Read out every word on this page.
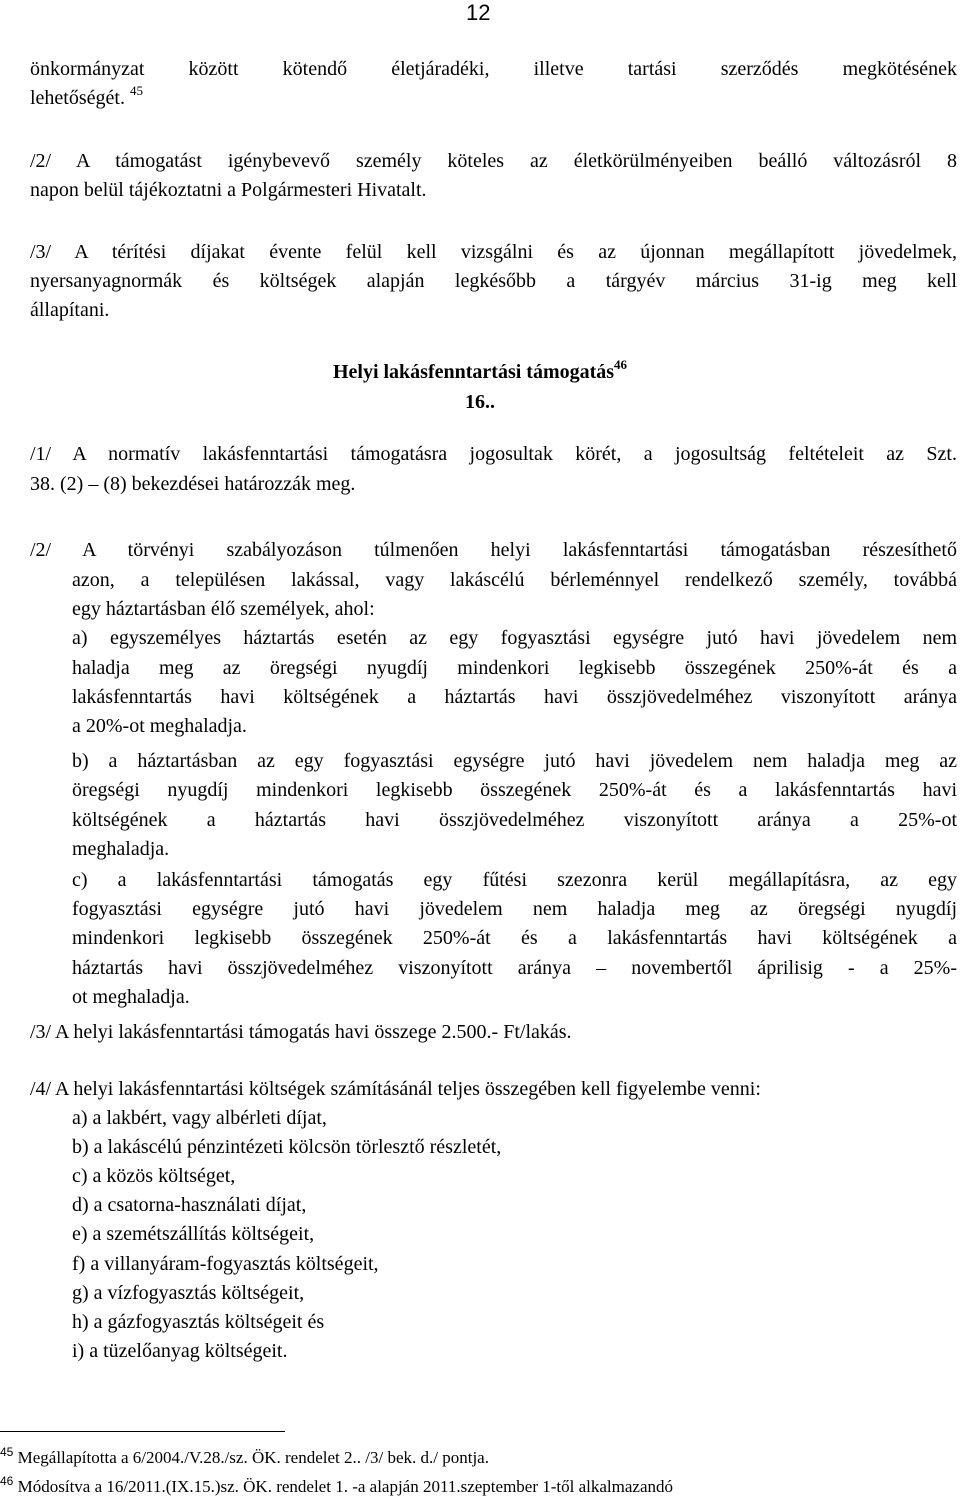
12
önkormányzat között kötendő életjáradéki, illetve tartási szerződés megkötésének
lehetőségét. $^{45}$
/2/ A támogatást igénybevevő személy köteles az életkörülményeiben beálló változásról 8
napon belül tájékoztatni a Polgármesteri Hivatalt.
/3/ A térítési díjakat évente felül kell vizsgálni és az újonnan megállapított jövedelmek,
nyersanyagnormák és költségek alapján legkésőbb a tárgyév március 31-ig meg kell
állapítani.
/1/ A normatív lakásfenntartási támogatásra jogosultak körét, a jogosultság feltételeit az Szt.
38. (2) – (8) bekezdései határozzák meg.
/2/ A törvényi szabályozáson túlmenően helyi lakásfenntartási támogatásban részesíthető
azon, a településen lakással, vagy lakáscélú bérleménnyel rendelkező személy, továbbá
egy háztartásban élő személyek, ahol:
a) egyszemélyes háztartás esetén az egy fogyasztási egységre jutó havi jövedelem nem
haladja meg az öregségi nyugdíj mindenkori legkisebb összegének 250%-át és a
lakásfenntartás havi költségének a háztartás havi összjövedelméhez viszonyított aránya
a 20%-ot meghaladja.
b) a háztartásban az egy fogyasztási egységre jutó havi jövedelem nem haladja meg az
öregségi nyugdíj mindenkori legkisebb összegének 250%-át és a lakásfenntartás havi
költségének a háztartás havi összjövedelméhez viszonyított aránya a 25%-ot
meghaladja.
c) a lakásfenntartási támogatás egy fűtési szezonra kerül megállapításra, az egy
fogyasztási egységre jutó havi jövedelem nem haladja meg az öregségi nyugdíj
mindenkori legkisebb összegének 250%-át és a lakásfenntartás havi költségének a
háztartás havi összjövedelméhez viszonyított aránya – novembertől áprilisig - a 25%-
ot meghaladja.
/3/ A helyi lakásfenntartási támogatás havi összege 2.500.- Ft/lakás.
/4/ A helyi lakásfenntartási költségek számításánál teljes összegében kell figyelembe venni:
a) a lakbért, vagy albérleti díjat,
b) a lakáscélú pénzintézeti kölcsön törlesztő részletét,
c) a közös költséget,
d) a csatorna-használati díjat,
e) a szemétszállítás költségeit,
f) a villanyáram-fogyasztás költségeit,
g) a vízfogyasztás költségeit,
h) a gázfogyasztás költségeit és
i) a tüzelőanyag költségeit.
Helyi lakásfenntartási támogatás$^{46}$
16..
$^{45}$ Megállapította a 6/2004./V.28./sz. ÖK. rendelet 2.. /3/ bek. d./ pontja.
$^{46}$ Módosítva a 16/2011.(IX.15.)sz. ÖK. rendelet 1. -a alapján 2011.szeptember 1-től alkalmazandó
